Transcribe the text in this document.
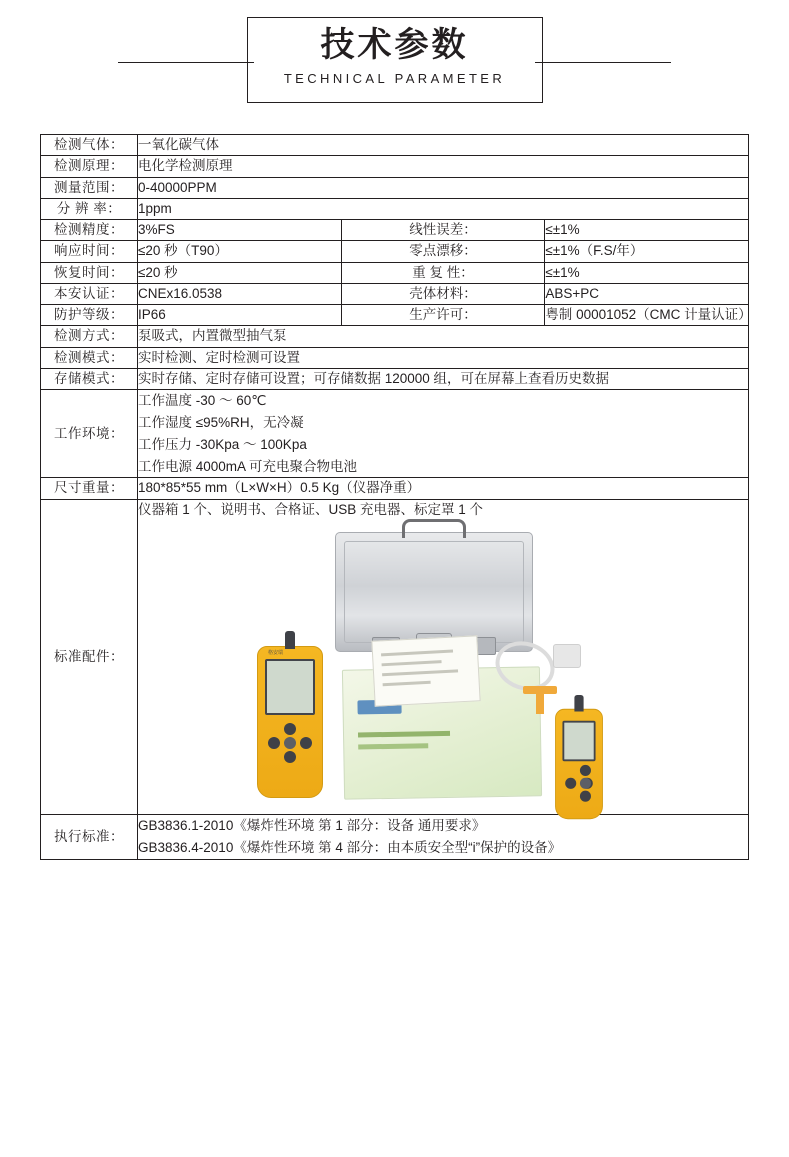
技术参数
TECHNICAL PARAMETER
检测气体：	一氧化碳气体		
检测原理：	电化学检测原理		
测量范围：	0-40000PPM		
分 辨 率：	1ppm		
检测精度：	3%FS	线性误差：	≤±1%
响应时间：	≤20 秒（T90）	零点漂移：	≤±1%（F.S/年）
恢复时间：	≤20 秒	重 复 性：	≤±1%
本安认证：	CNEx16.0538	壳体材料：	ABS+PC
防护等级：	IP66	生产许可：	粤制 00001052（CMC 计量认证）
检测方式：	泵吸式，内置微型抽气泵		
检测模式：	实时检测、定时检测可设置		
存储模式：	实时存储、定时存储可设置；可存储数据 120000 组，可在屏幕上查看历史数据		
工作环境：	工作温度 -30 ～ 60℃
工作湿度 ≤95%RH，无冷凝
工作压力 -30Kpa ～ 100Kpa
工作电源 4000mA 可充电聚合物电池		

尺寸重量：	180*85*55 mm（L×W×H）0.5 Kg（仪器净重）		
标准配件：	仪器箱 1 个、说明书、合格证、USB 充电器、标定罩 1 个
格安瑞		

执行标准：	GB3836.1-2010《爆炸性环境 第 1 部分：设备 通用要求》
GB3836.4-2010《爆炸性环境 第 4 部分：由本质安全型“i”保护的设备》		
